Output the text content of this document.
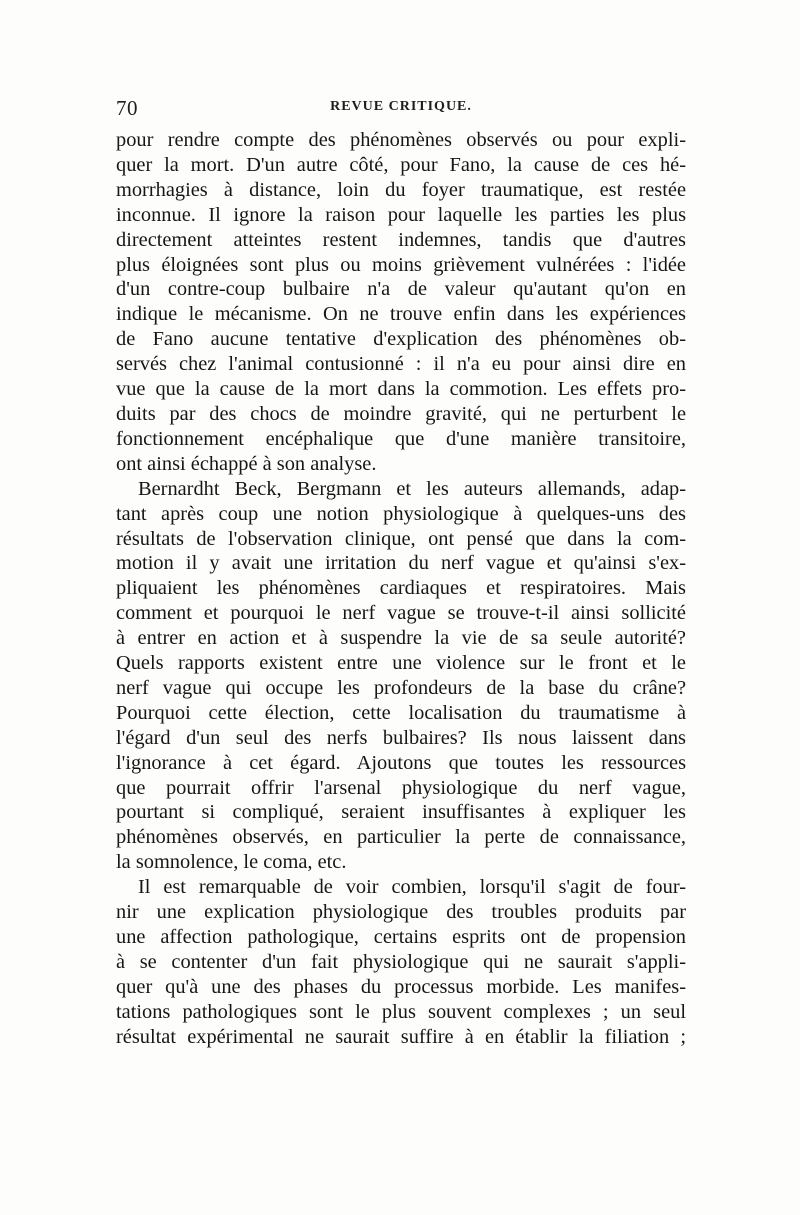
70	REVUE CRITIQUE.

pour rendre compte des phénomènes observés ou pour expli-
quer la mort. D'un autre côté, pour Fano, la cause de ces hé-
morrhagies à distance, loin du foyer traumatique, est restée
inconnue. Il ignore la raison pour laquelle les parties les plus
directement atteintes restent indemnes, tandis que d'autres
plus éloignées sont plus ou moins grièvement vulnérées : l'idée
d'un contre-coup bulbaire n'a de valeur qu'autant qu'on en
indique le mécanisme. On ne trouve enfin dans les expériences
de Fano aucune tentative d'explication des phénomènes ob-
servés chez l'animal contusionné : il n'a eu pour ainsi dire en
vue que la cause de la mort dans la commotion. Les effets pro-
duits par des chocs de moindre gravité, qui ne perturbent le
fonctionnement encéphalique que d'une manière transitoire,
ont ainsi échappé à son analyse.

Bernardht Beck, Bergmann et les auteurs allemands, adap-
tant après coup une notion physiologique à quelques-uns des
résultats de l'observation clinique, ont pensé que dans la com-
motion il y avait une irritation du nerf vague et qu'ainsi s'ex-
pliquaient les phénomènes cardiaques et respiratoires. Mais
comment et pourquoi le nerf vague se trouve-t-il ainsi sollicité
à entrer en action et à suspendre la vie de sa seule autorité?
Quels rapports existent entre une violence sur le front et le
nerf vague qui occupe les profondeurs de la base du crâne?
Pourquoi cette élection, cette localisation du traumatisme à
l'égard d'un seul des nerfs bulbaires? Ils nous laissent dans
l'ignorance à cet égard. Ajoutons que toutes les ressources
que pourrait offrir l'arsenal physiologique du nerf vague,
pourtant si compliqué, seraient insuffisantes à expliquer les
phénomènes observés, en particulier la perte de connaissance,
la somnolence, le coma, etc.

Il est remarquable de voir combien, lorsqu'il s'agit de four-
nir une explication physiologique des troubles produits par
une affection pathologique, certains esprits ont de propension
à se contenter d'un fait physiologique qui ne saurait s'appli-
quer qu'à une des phases du processus morbide. Les manifes-
tations pathologiques sont le plus souvent complexes ; un seul
résultat expérimental ne saurait suffire à en établir la filiation ;
